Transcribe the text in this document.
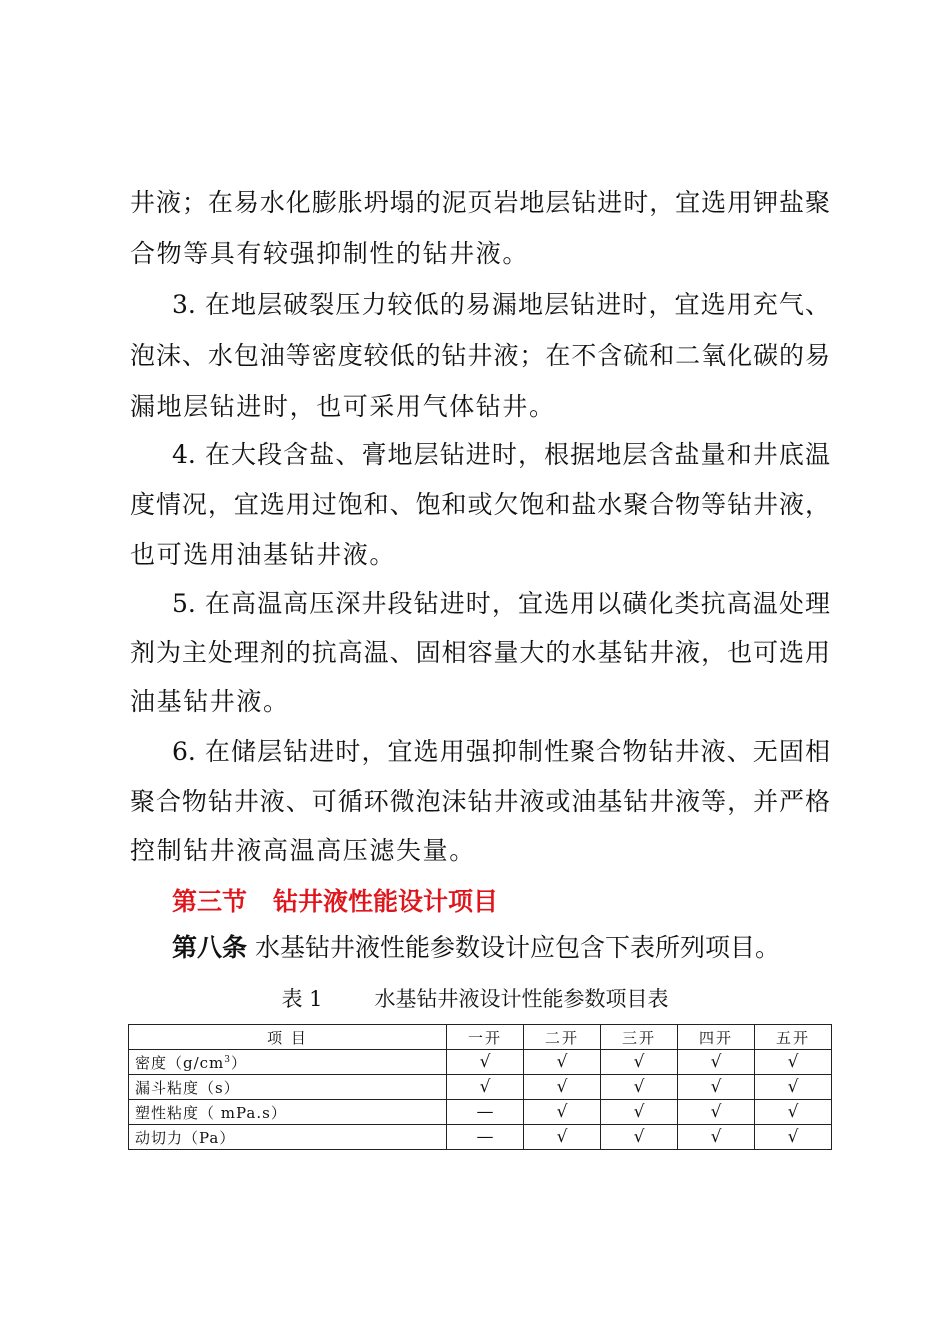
井液；在易水化膨胀坍塌的泥页岩地层钻进时，宜选用钾盐聚
合物等具有较强抑制性的钻井液。
3. 在地层破裂压力较低的易漏地层钻进时，宜选用充气、
泡沫、水包油等密度较低的钻井液；在不含硫和二氧化碳的易
漏地层钻进时，也可采用气体钻井。
4. 在大段含盐、膏地层钻进时，根据地层含盐量和井底温
度情况，宜选用过饱和、饱和或欠饱和盐水聚合物等钻井液，
也可选用油基钻井液。
5. 在高温高压深井段钻进时，宜选用以磺化类抗高温处理
剂为主处理剂的抗高温、固相容量大的水基钻井液，也可选用
油基钻井液。
6. 在储层钻进时，宜选用强抑制性聚合物钻井液、无固相
聚合物钻井液、可循环微泡沫钻井液或油基钻井液等，并严格
控制钻井液高温高压滤失量。
第三节 钻井液性能设计项目
第八条 水基钻井液性能参数设计应包含下表所列项目。
表 1 水基钻井液设计性能参数项目表
项 目	一开	二开	三开	四开	五开
密度$(g/cm^3)$	√	√	√	√	√
漏斗粘度（s）	√	√	√	√	√
塑性粘度（ mPa.s）	—	√	√	√	√
动切力（Pa）	—	√	√	√	√
